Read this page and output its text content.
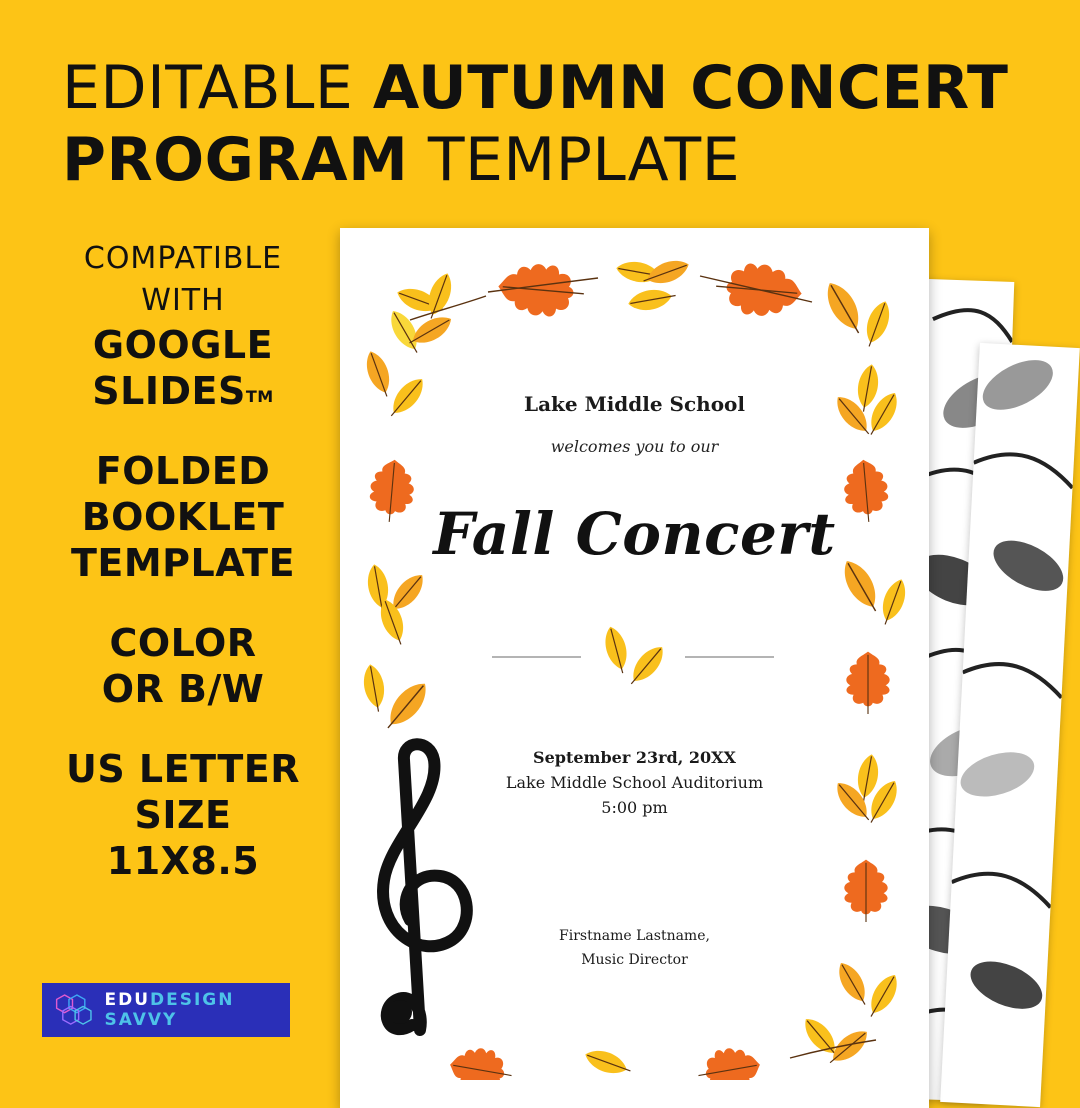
EDITABLE AUTUMN CONCERT
PROGRAM TEMPLATE
COMPATIBLE
WITH
GOOGLE
SLIDES™
FOLDED
BOOKLET
TEMPLATE
COLOR
OR B/W
US LETTER
SIZE
11X8.5
EDUDESIGN SAVVY
Lake Middle School
welcomes you to our
Fall Concert
September 23rd, 20XX
Lake Middle School Auditorium
5:00 pm
Firstname Lastname,
Music Director
